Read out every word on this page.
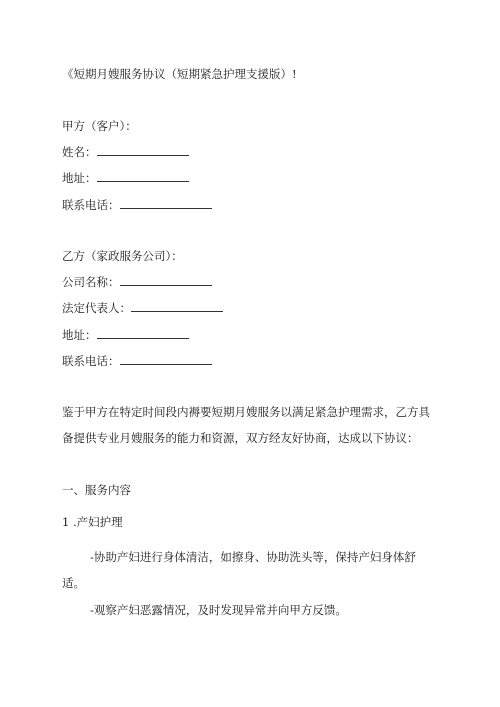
《短期月嫂服务协议（短期紧急护理支援版）!
甲方（客户）：
姓名：
地址：
联系电话：
乙方（家政服务公司）：
公司名称：
法定代表人：
地址：
联系电话：
鉴于甲方在特定时间段内褥要短期月嫂服务以满足紧急护理需求，乙方具
备提供专业月嫂服务的能力和资源，双方经友好协商，达成以下协议：
一、服务内容
1 .产妇护理
-协助产妇进行身体清洁，如擦身、协助洗头等，保持产妇身体舒
适。
-观察产妇恶露情况，及时发现异常并向甲方反馈。
